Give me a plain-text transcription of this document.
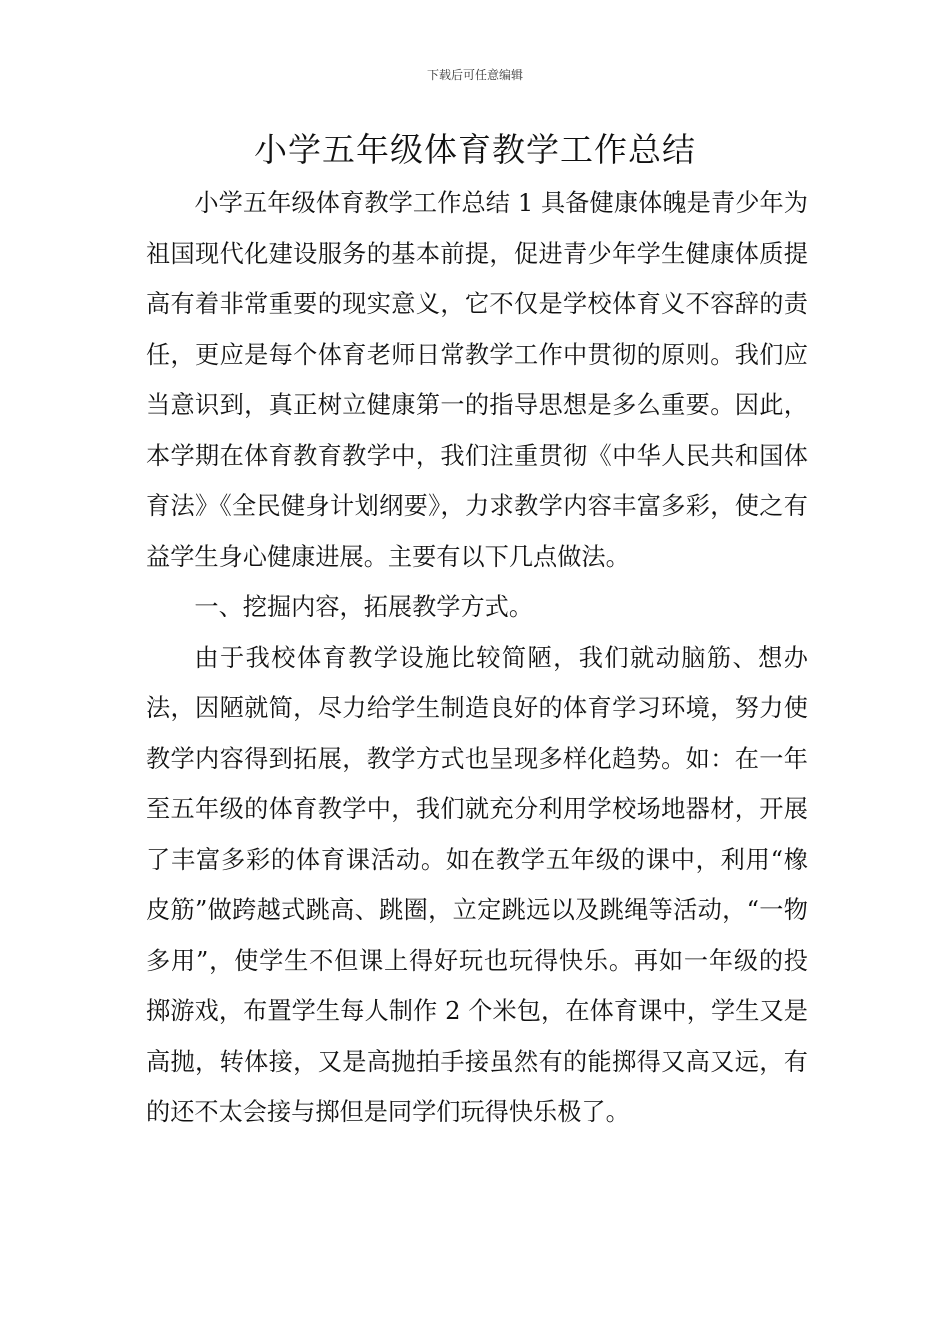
下载后可任意编辑
小学五年级体育教学工作总结

小学五年级体育教学工作总结 1 具备健康体魄是青少年为祖国现代化建设服务的基本前提，促进青少年学生健康体质提高有着非常重要的现实意义，它不仅是学校体育义不容辞的责任，更应是每个体育老师日常教学工作中贯彻的原则。我们应当意识到，真正树立健康第一的指导思想是多么重要。因此，本学期在体育教育教学中，我们注重贯彻《中华人民共和国体育法》《全民健身计划纲要》，力求教学内容丰富多彩，使之有益学生身心健康进展。主要有以下几点做法。

一、挖掘内容，拓展教学方式。

由于我校体育教学设施比较简陋，我们就动脑筋、想办法，因陋就简，尽力给学生制造良好的体育学习环境，努力使教学内容得到拓展，教学方式也呈现多样化趋势。如：在一年至五年级的体育教学中，我们就充分利用学校场地器材，开展了丰富多彩的体育课活动。如在教学五年级的课中，利用“橡皮筋”做跨越式跳高、跳圈，立定跳远以及跳绳等活动，“一物多用”，使学生不但课上得好玩也玩得快乐。再如一年级的投掷游戏，布置学生每人制作 2 个米包，在体育课中，学生又是高抛，转体接，又是高抛拍手接虽然有的能掷得又高又远，有的还不太会接与掷但是同学们玩得快乐极了。
